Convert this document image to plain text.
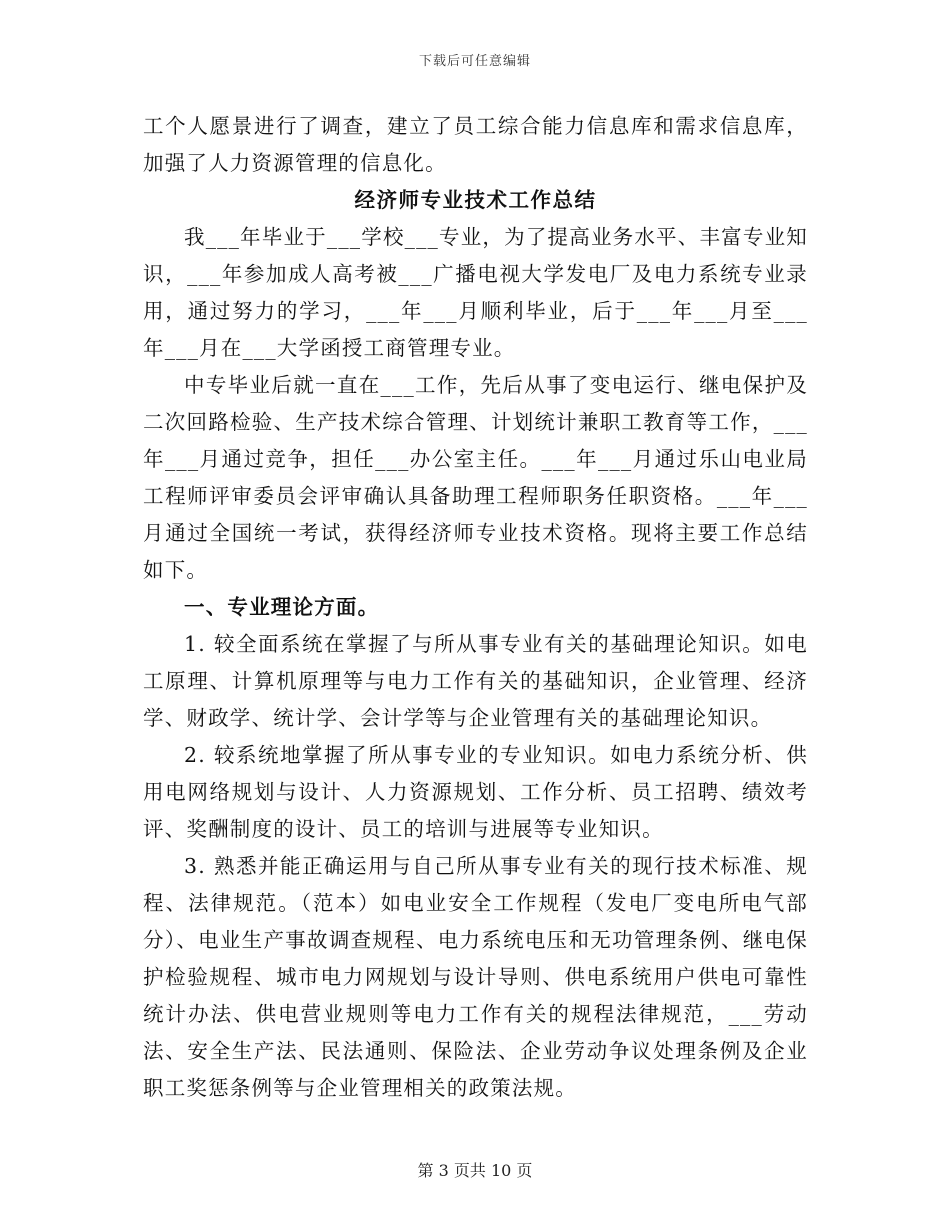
下载后可任意编辑

工个人愿景进行了调查，建立了员工综合能力信息库和需求信息库，加强了人力资源管理的信息化。

经济师专业技术工作总结

我___年毕业于___学校___专业，为了提高业务水平、丰富专业知识，___年参加成人高考被___广播电视大学发电厂及电力系统专业录用，通过努力的学习，___年___月顺利毕业，后于___年___月至___年___月在___大学函授工商管理专业。

中专毕业后就一直在___工作，先后从事了变电运行、继电保护及二次回路检验、生产技术综合管理、计划统计兼职工教育等工作，___年___月通过竞争，担任___办公室主任。___年___月通过乐山电业局工程师评审委员会评审确认具备助理工程师职务任职资格。___年___月通过全国统一考试，获得经济师专业技术资格。现将主要工作总结如下。

一、专业理论方面。

1. 较全面系统在掌握了与所从事专业有关的基础理论知识。如电工原理、计算机原理等与电力工作有关的基础知识，企业管理、经济学、财政学、统计学、会计学等与企业管理有关的基础理论知识。

2. 较系统地掌握了所从事专业的专业知识。如电力系统分析、供用电网络规划与设计、人力资源规划、工作分析、员工招聘、绩效考评、奖酬制度的设计、员工的培训与进展等专业知识。

3. 熟悉并能正确运用与自己所从事专业有关的现行技术标准、规程、法律规范。（范本）如电业安全工作规程（发电厂变电所电气部分）、电业生产事故调查规程、电力系统电压和无功管理条例、继电保护检验规程、城市电力网规划与设计导则、供电系统用户供电可靠性统计办法、供电营业规则等电力工作有关的规程法律规范，___劳动法、安全生产法、民法通则、保险法、企业劳动争议处理条例及企业职工奖惩条例等与企业管理相关的政策法规。

第 3 页共 10 页
